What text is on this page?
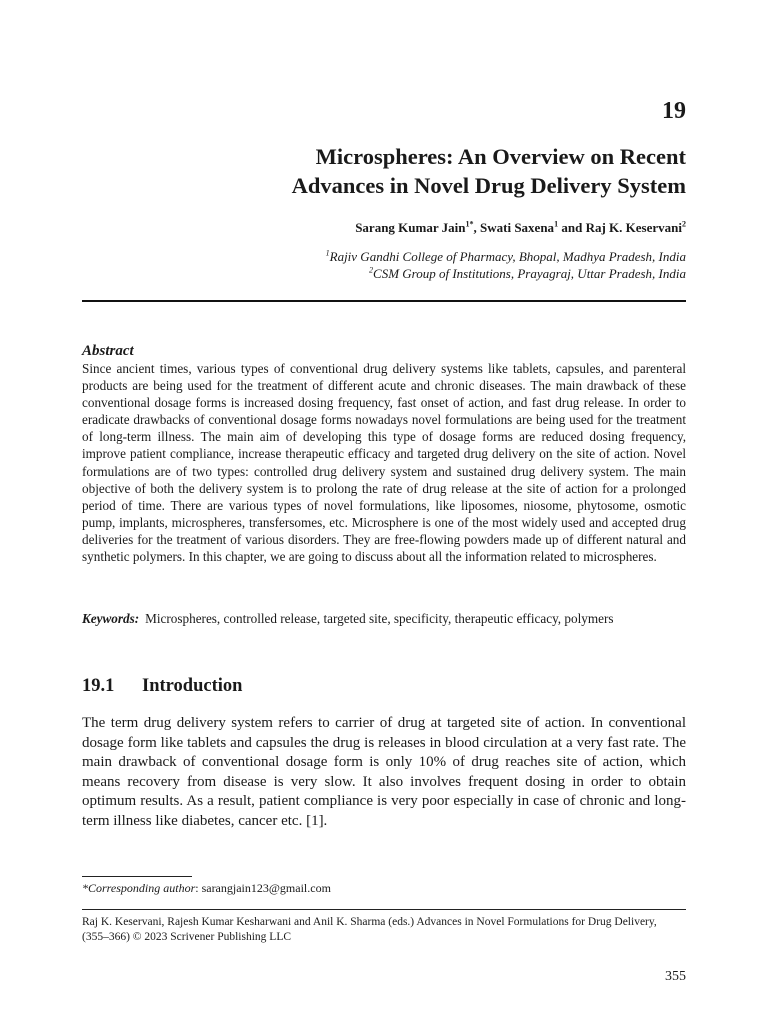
19
Microspheres: An Overview on Recent
Advances in Novel Drug Delivery System
Sarang Kumar Jain$^{1*}$, Swati Saxena$^1$ and Raj K. Keservani$^2$
$^1$Rajiv Gandhi College of Pharmacy, Bhopal, Madhya Pradesh, India
$^2$CSM Group of Institutions, Prayagraj, Uttar Pradesh, India
Abstract
Since ancient times, various types of conventional drug delivery systems like tablets, capsules, and parenteral products are being used for the treatment of different acute and chronic diseases. The main drawback of these conventional dosage forms is increased dosing frequency, fast onset of action, and fast drug release. In order to eradicate drawbacks of conventional dosage forms nowadays novel formulations are being used for the treatment of long-term illness. The main aim of developing this type of dosage forms are reduced dosing frequency, improve patient compliance, increase therapeutic efficacy and targeted drug delivery on the site of action. Novel formulations are of two types: controlled drug delivery system and sustained drug delivery system. The main objective of both the delivery system is to prolong the rate of drug release at the site of action for a prolonged period of time. There are various types of novel formulations, like liposomes, niosome, phytosome, osmotic pump, implants, microspheres, transfersomes, etc. Microsphere is one of the most widely used and accepted drug deliveries for the treatment of various disorders. They are free-flowing powders made up of different natural and synthetic polymers. In this chapter, we are going to discuss about all the information related to microspheres.
Keywords: Microspheres, controlled release, targeted site, specificity, therapeutic efficacy, polymers
19.1 Introduction
The term drug delivery system refers to carrier of drug at targeted site of action. In conventional dosage form like tablets and capsules the drug is releases in blood circulation at a very fast rate. The main drawback of conventional dosage form is only 10% of drug reaches site of action, which means recovery from disease is very slow. It also involves frequent dosing in order to obtain optimum results. As a result, patient compliance is very poor especially in case of chronic and long-term illness like diabetes, cancer etc. [1].
*Corresponding author: sarangjain123@gmail.com
Raj K. Keservani, Rajesh Kumar Kesharwani and Anil K. Sharma (eds.) Advances in Novel Formulations for Drug Delivery,
(355–366) © 2023 Scrivener Publishing LLC
355
